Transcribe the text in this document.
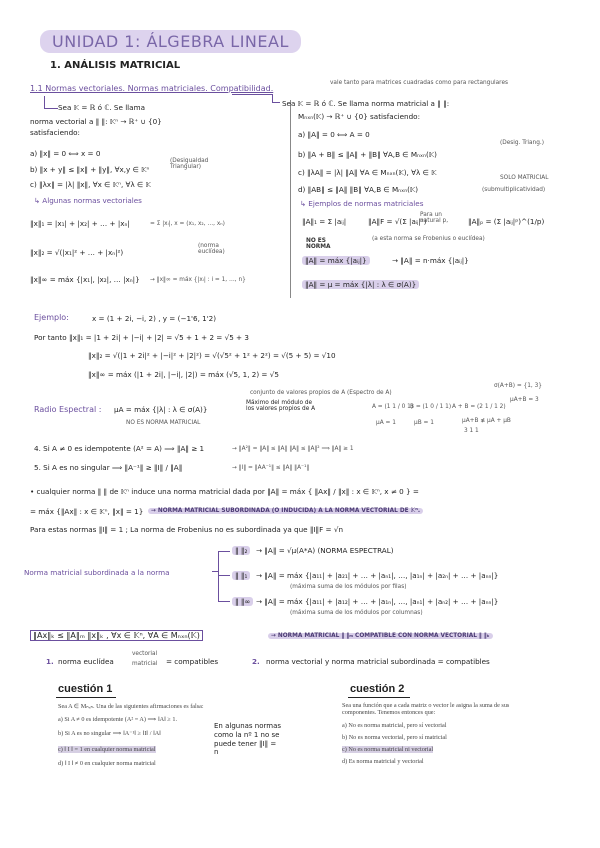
UNIDAD 1: ÁLGEBRA LINEAL
1. ANÁLISIS MATRICIAL
1.1 Normas vectoriales. Normas matriciales. Compatibilidad.
Sea 𝕂 = ℝ ó ℂ. Se llama
norma vectorial a ‖ ‖: 𝕂ⁿ → ℝ⁺ ∪ {0}
satisfaciendo:
a) ‖x‖ = 0 ⟺ x = 0
b) ‖x + y‖ ≤ ‖x‖ + ‖y‖, ∀x,y ∈ 𝕂ⁿ
(Desigualdad Triangular)
c) ‖λx‖ = |λ| ‖x‖, ∀x ∈ 𝕂ⁿ, ∀λ ∈ 𝕂
↳ Algunas normas vectoriales
‖x‖₁ = |x₁| + |x₂| + … + |xₙ|	= Σ |xᵢ|, x = (x₁, x₂, …, xₙ)
‖x‖₂ = √(|x₁|² + … + |xₙ|²)
(norma euclídea)
‖x‖∞ = máx {|x₁|, |x₂|, … |xₙ|} → ‖x‖∞ = máx {|xᵢ| : i = 1, …, n}
vale tanto para matrices cuadradas como para rectangulares
Sea 𝕂 = ℝ ó ℂ. Se llama norma matricial a ‖ ‖:
Mₙₓₙ(𝕂) → ℝ⁺ ∪ {0} satisfaciendo:
a) ‖A‖ = 0 ⟺ A = 0
b) ‖A + B‖ ≤ ‖A‖ + ‖B‖ ∀A,B ∈ Mₙₓₙ(𝕂)
(Desig. Triang.)
c) ‖λA‖ = |λ| ‖A‖ ∀A ∈ Mₙₓₙ(𝕂), ∀λ ∈ 𝕂
SOLO MATRICIAL
d) ‖AB‖ ≤ ‖A‖ ‖B‖ ∀A,B ∈ Mₙₓₙ(𝕂)	(submultiplicatividad)
↳ Ejemplos de normas matriciales
‖A‖₁ = Σ |aᵢⱼ|	‖A‖F = √(Σ |aᵢⱼ|²)
Para un natural p,	‖A‖ₚ = (Σ |aᵢⱼ|ᵖ)^(1/p)
(a esta norma se Frobenius o euclídea)
NO ES NORMA
‖A‖ = máx {|aᵢⱼ|}	→ ‖A‖ = n·máx {|aᵢⱼ|}
‖A‖ = μ = máx {|λ| : λ ∈ σ(A)}
Ejemplo:	x = (1 + 2i, −i, 2) , y = (−1'6, 1'2)
Por tanto ‖x‖₁ = |1 + 2i| + |−i| + |2| = √5 + 1 + 2 = √5 + 3
‖x‖₂ = √(|1 + 2i|² + |−i|² + |2|²) = √(√5² + 1² + 2²) = √(5 + 5) = √10
‖x‖∞ = máx (|1 + 2i|, |−i|, |2|) = máx (√5, 1, 2) = √5
conjunto de valores propios de A (Espectro de A)
Radio Espectral : μA = máx {|λ| : λ ∈ σ(A)}
Máximo del módulo de los valores propios de A
NO ES NORMA MATRICIAL
A = (1 1 / 0 1)
B = (1 0 / 1 1) A + B = (2 1 / 1 2)
σ(A+B) = {1, 3}
μA+B = 3
μA = 1	μB = 1	μA+B ≰ μA + μB
3 1 1
4. Si A ≠ 0 es idempotente (A² = A) ⟹ ‖A‖ ≥ 1	→ ‖A²‖ = ‖A‖ ≤ ‖A‖ ‖A‖ ≤ ‖A‖² ⟹ ‖A‖ ≥ 1
5. Si A es no singular ⟹ ‖A⁻¹‖ ≥ ‖I‖ / ‖A‖	→ ‖I‖ = ‖AA⁻¹‖ ≤ ‖A‖ ‖A⁻¹‖
• cualquier norma ‖ ‖ de 𝕂ⁿ induce una norma matricial dada por ‖A‖ = máx { ‖Ax‖ / ‖x‖ : x ∈ 𝕂ⁿ, x ≠ 0 } =
= máx {‖Ax‖ : x ∈ 𝕂ⁿ, ‖x‖ = 1}	→ NORMA MATRICIAL SUBORDINADA (O INDUCIDA) A LA NORMA VECTORIAL DE 𝕂ⁿ.
Para estas normas ‖I‖ = 1 ; La norma de Frobenius no es subordinada ya que ‖I‖F = √n
Norma matricial subordinada a la norma
‖ ‖₂	→ ‖A‖ = √μ(A*A) (NORMA ESPECTRAL)
‖ ‖₁	→ ‖A‖ = máx {|a₁₁| + |a₂₁| + … + |aₙ₁|, …, |a₁ₙ| + |a₂ₙ| + … + |aₙₙ|}
(máxima suma de los módulos por filas)
‖ ‖∞ → ‖A‖ = máx {|a₁₁| + |a₁₂| + … + |a₁ₙ|, …, |aₙ₁| + |aₙ₂| + … + |aₙₙ|}
(máxima suma de los módulos por columnas)
‖Ax‖ₖ ≤ ‖A‖ₘ ‖x‖ₖ , ∀x ∈ 𝕂ⁿ, ∀A ∈ Mₙₓₙ(𝕂)	→ NORMA MATRICIAL ‖ ‖ₘ COMPATIBLE CON NORMA VECTORIAL ‖ ‖ₖ
1. norma euclídea
vectorial
matricial = compatibles	2. norma vectorial y norma matricial subordinada = compatibles
cuestión 1
Sea A ∈ Mₙₓₙ. Una de las siguientes afirmaciones es falsa:
a) Si A ≠ 0 es idempotente (A² = A) ⟹ ‖A‖ ≥ 1.
b) Si A es no singular ⟹ ‖A⁻¹‖ ≥ ‖I‖ / ‖A‖
c) ‖ I ‖ = 1 en cualquier norma matricial
d) ‖ I ‖ ≠ 0 en cualquier norma matricial
En algunas normas como la nº 1 no se puede tener ‖I‖ = n
cuestión 2
Sea una función que a cada matriz o vector le asigna la suma de sus componentes. Tenemos entonces que:
a) No es norma matricial, pero sí vectorial
b) No es norma vectorial, pero sí matricial
c) No es norma matricial ni vectorial
d) Es norma matricial y vectorial
